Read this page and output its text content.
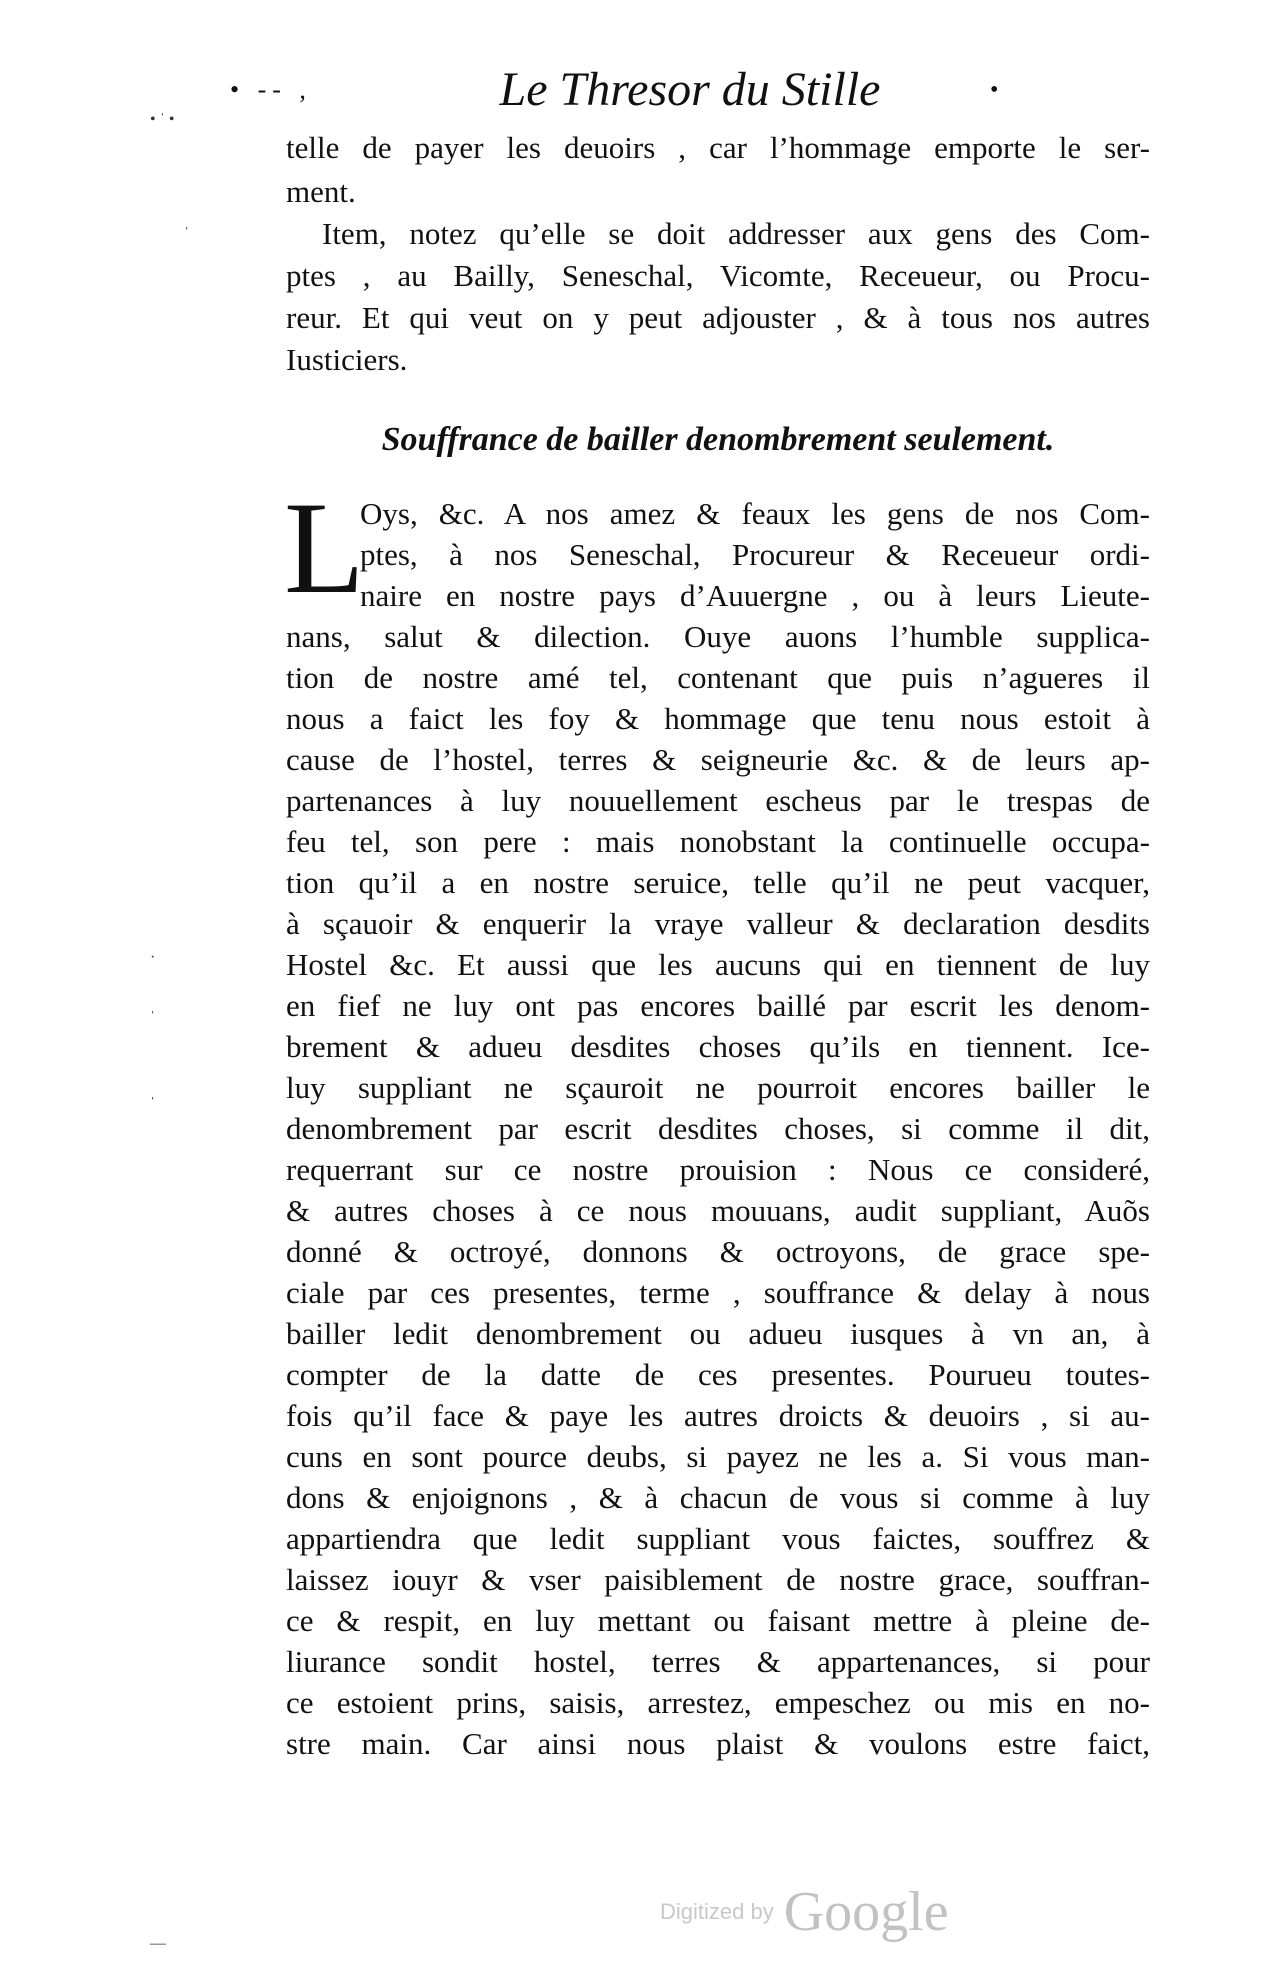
• -- ,	Le Thresor du Stille	•
• ˈ •
ˈ
·
ˈ
ˈ
—
telle de payer les deuoirs , car l’hommage emporte le ser-
ment.
Item, notez qu’elle se doit addresser aux gens des Com-
ptes , au Bailly, Seneschal, Vicomte, Receueur, ou Procu-
reur. Et qui veut on y peut adjouster , & à tous nos autres
Iusticiers.
Souffrance de bailler denombrement seulement.
L
Oys, &c. A nos amez & feaux les gens de nos Com-
ptes, à nos Seneschal, Procureur & Receueur ordi-
naire en nostre pays d’Auuergne , ou à leurs Lieute-
nans, salut & dilection. Ouye auons l’humble supplica-
tion de nostre amé tel, contenant que puis n’agueres il
nous a faict les foy & hommage que tenu nous estoit à
cause de l’hostel, terres & seigneurie &c. & de leurs ap-
partenances à luy nouuellement escheus par le trespas de
feu tel, son pere : mais nonobstant la continuelle occupa-
tion qu’il a en nostre seruice, telle qu’il ne peut vacquer,
à sçauoir & enquerir la vraye valleur & declaration desdits
Hostel &c. Et aussi que les aucuns qui en tiennent de luy
en fief ne luy ont pas encores baillé par escrit les denom-
brement & adueu desdites choses qu’ils en tiennent. Ice-
luy suppliant ne sçauroit ne pourroit encores bailler le
denombrement par escrit desdites choses, si comme il dit,
requerrant sur ce nostre prouision : Nous ce consideré,
& autres choses à ce nous mouuans, audit suppliant, Auõs
donné & octroyé, donnons & octroyons, de grace spe-
ciale par ces presentes, terme , souffrance & delay à nous
bailler ledit denombrement ou adueu iusques à vn an, à
compter de la datte de ces presentes. Pourueu toutes-
fois qu’il face & paye les autres droicts & deuoirs , si au-
cuns en sont pource deubs, si payez ne les a. Si vous man-
dons & enjoignons , & à chacun de vous si comme à luy
appartiendra que ledit suppliant vous faictes, souffrez &
laissez iouyr & vser paisiblement de nostre grace, souffran-
ce & respit, en luy mettant ou faisant mettre à pleine de-
liurance sondit hostel, terres & appartenances, si pour
ce estoient prins, saisis, arrestez, empeschez ou mis en no-
stre main. Car ainsi nous plaist & voulons estre faict,
Digitized by Google
